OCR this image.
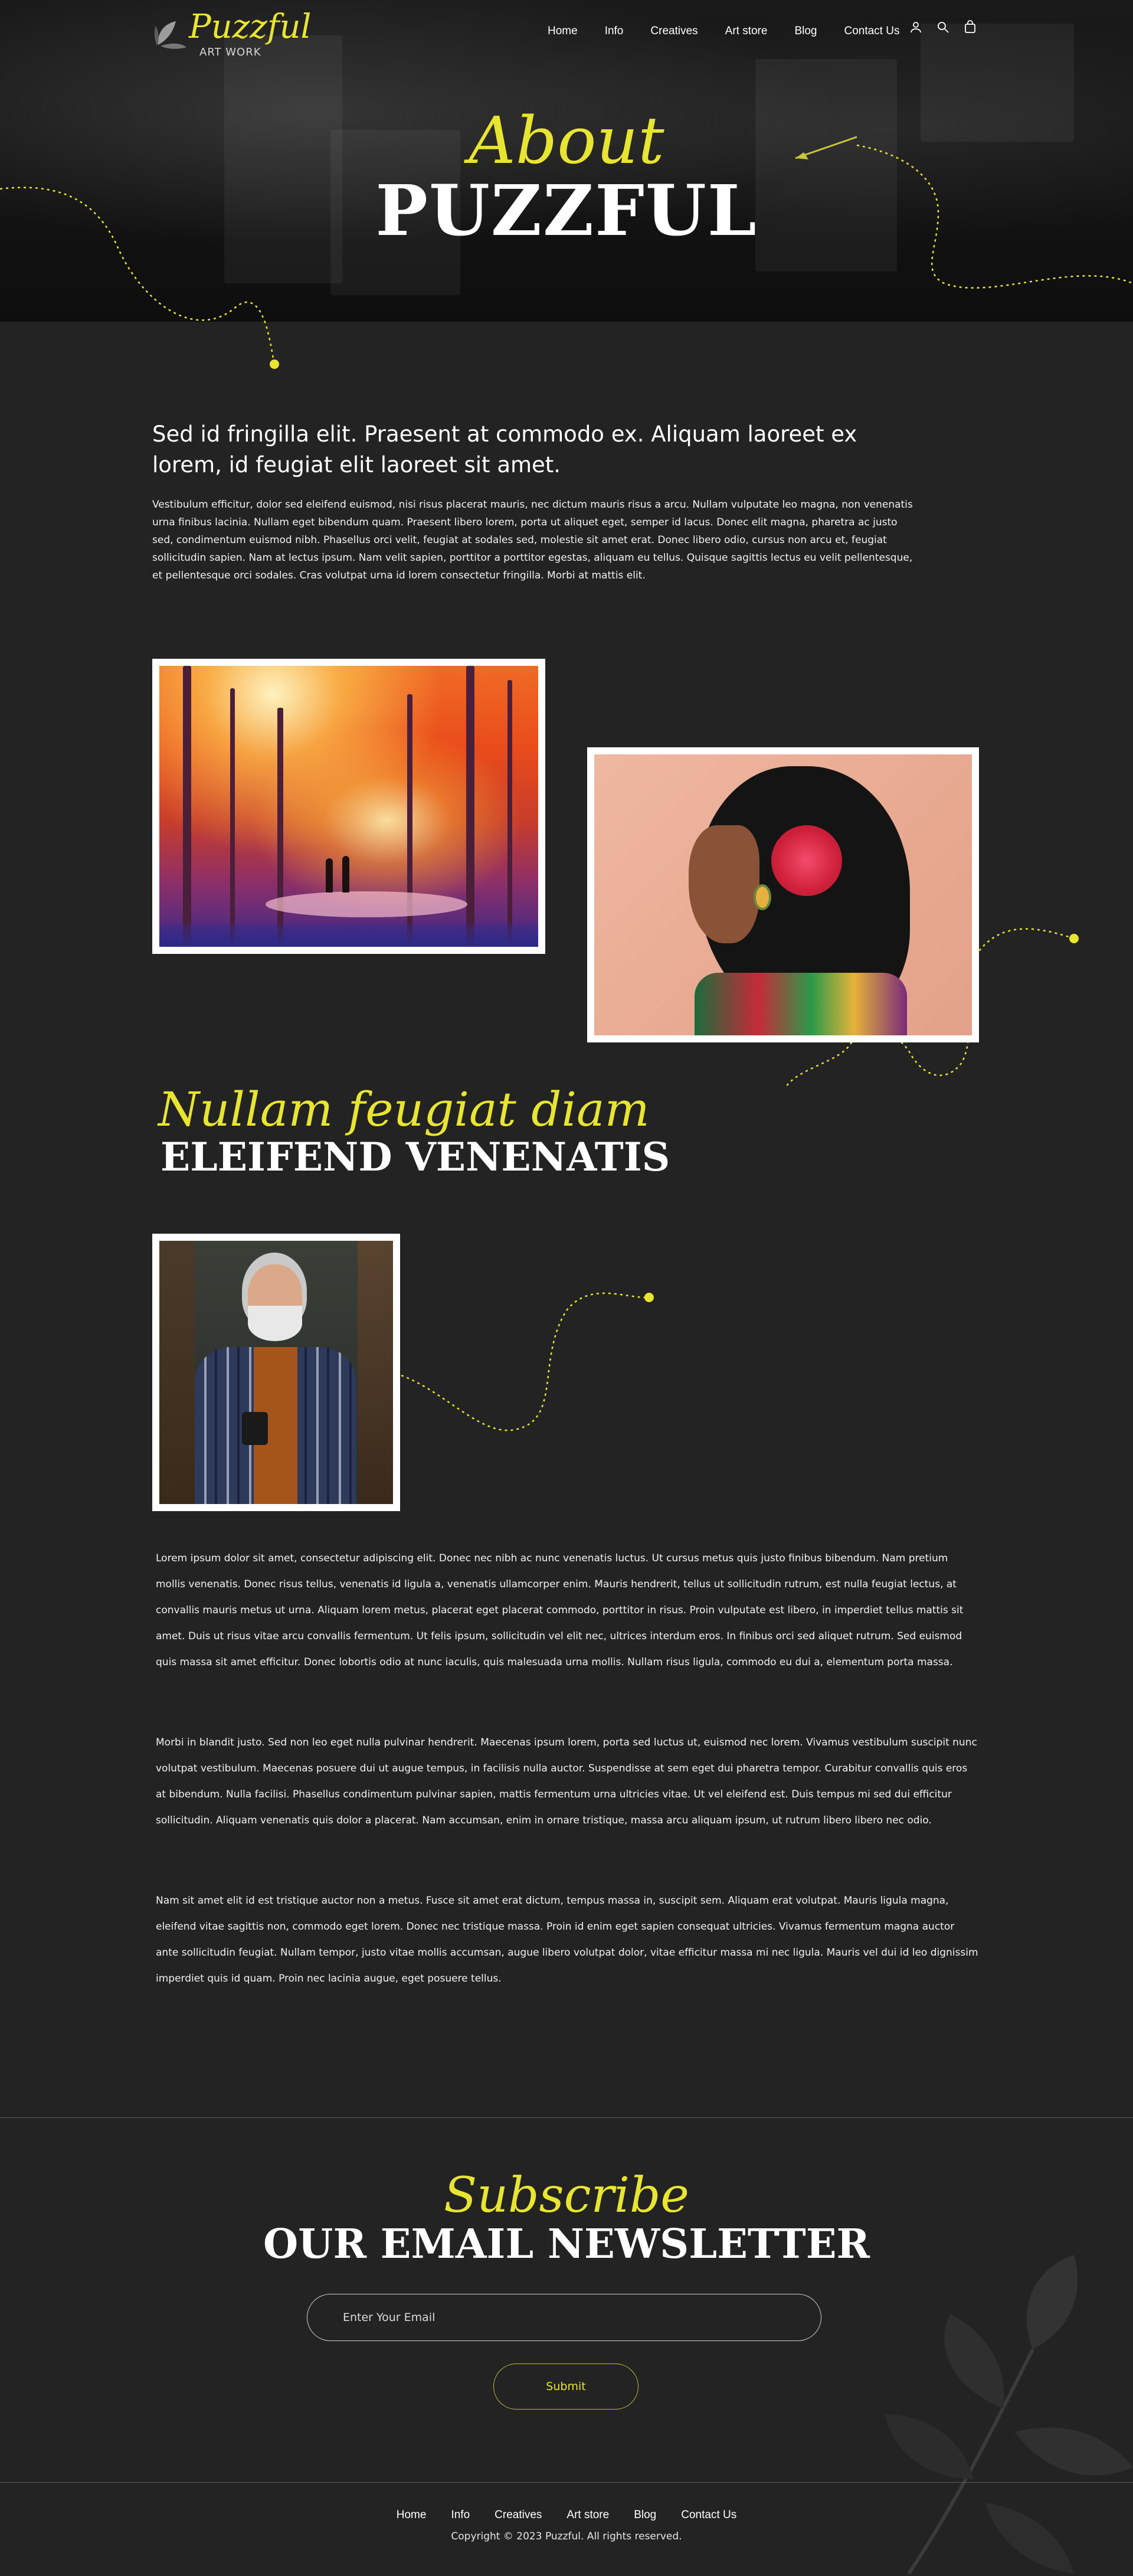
Puzzful
ART WORK
Home Info Creatives Art store Blog Contact Us
About
PUZZFUL
Sed id fringilla elit. Praesent at commodo ex. Aliquam laoreet ex lorem, id feugiat elit laoreet sit amet.

Vestibulum efficitur, dolor sed eleifend euismod, nisi risus placerat mauris, nec dictum mauris risus a arcu. Nullam vulputate leo magna, non venenatis urna finibus lacinia. Nullam eget bibendum quam. Praesent libero lorem, porta ut aliquet eget, semper id lacus. Donec elit magna, pharetra ac justo sed, condimentum euismod nibh. Phasellus orci velit, feugiat at sodales sed, molestie sit amet erat. Donec libero odio, cursus non arcu et, feugiat sollicitudin sapien. Nam at lectus ipsum. Nam velit sapien, porttitor a porttitor egestas, aliquam eu tellus. Quisque sagittis lectus eu velit pellentesque, et pellentesque orci sodales. Cras volutpat urna id lorem consectetur fringilla. Morbi at mattis elit.

Nullam feugiat diam
ELEIFEND VENENATIS

Lorem ipsum dolor sit amet, consectetur adipiscing elit. Donec nec nibh ac nunc venenatis luctus. Ut cursus metus quis justo finibus bibendum. Nam pretium mollis venenatis. Donec risus tellus, venenatis id ligula a, venenatis ullamcorper enim. Mauris hendrerit, tellus ut sollicitudin rutrum, est nulla feugiat lectus, at convallis mauris metus ut urna. Aliquam lorem metus, placerat eget placerat commodo, porttitor in risus. Proin vulputate est libero, in imperdiet tellus mattis sit amet. Duis ut risus vitae arcu convallis fermentum. Ut felis ipsum, sollicitudin vel elit nec, ultrices interdum eros. In finibus orci sed aliquet rutrum. Sed euismod quis massa sit amet efficitur. Donec lobortis odio at nunc iaculis, quis malesuada urna mollis. Nullam risus ligula, commodo eu dui a, elementum porta massa.

Morbi in blandit justo. Sed non leo eget nulla pulvinar hendrerit. Maecenas ipsum lorem, porta sed luctus ut, euismod nec lorem. Vivamus vestibulum suscipit nunc volutpat vestibulum. Maecenas posuere dui ut augue tempus, in facilisis nulla auctor. Suspendisse at sem eget dui pharetra tempor. Curabitur convallis quis eros at bibendum. Nulla facilisi. Phasellus condimentum pulvinar sapien, mattis fermentum urna ultricies vitae. Ut vel eleifend est. Duis tempus mi sed dui efficitur sollicitudin. Aliquam venenatis quis dolor a placerat. Nam accumsan, enim in ornare tristique, massa arcu aliquam ipsum, ut rutrum libero libero nec odio.

Nam sit amet elit id est tristique auctor non a metus. Fusce sit amet erat dictum, tempus massa in, suscipit sem. Aliquam erat volutpat. Mauris ligula magna, eleifend vitae sagittis non, commodo eget lorem. Donec nec tristique massa. Proin id enim eget sapien consequat ultricies. Vivamus fermentum magna auctor ante sollicitudin feugiat. Nullam tempor, justo vitae mollis accumsan, augue libero volutpat dolor, vitae efficitur massa mi nec ligula. Mauris vel dui id leo dignissim imperdiet quis id quam. Proin nec lacinia augue, eget posuere tellus.

Subscribe
OUR EMAIL NEWSLETTER
Enter Your Email
Submit
Home Info Creatives Art store Blog Contact Us
Copyright © 2023 Puzzful. All rights reserved.
